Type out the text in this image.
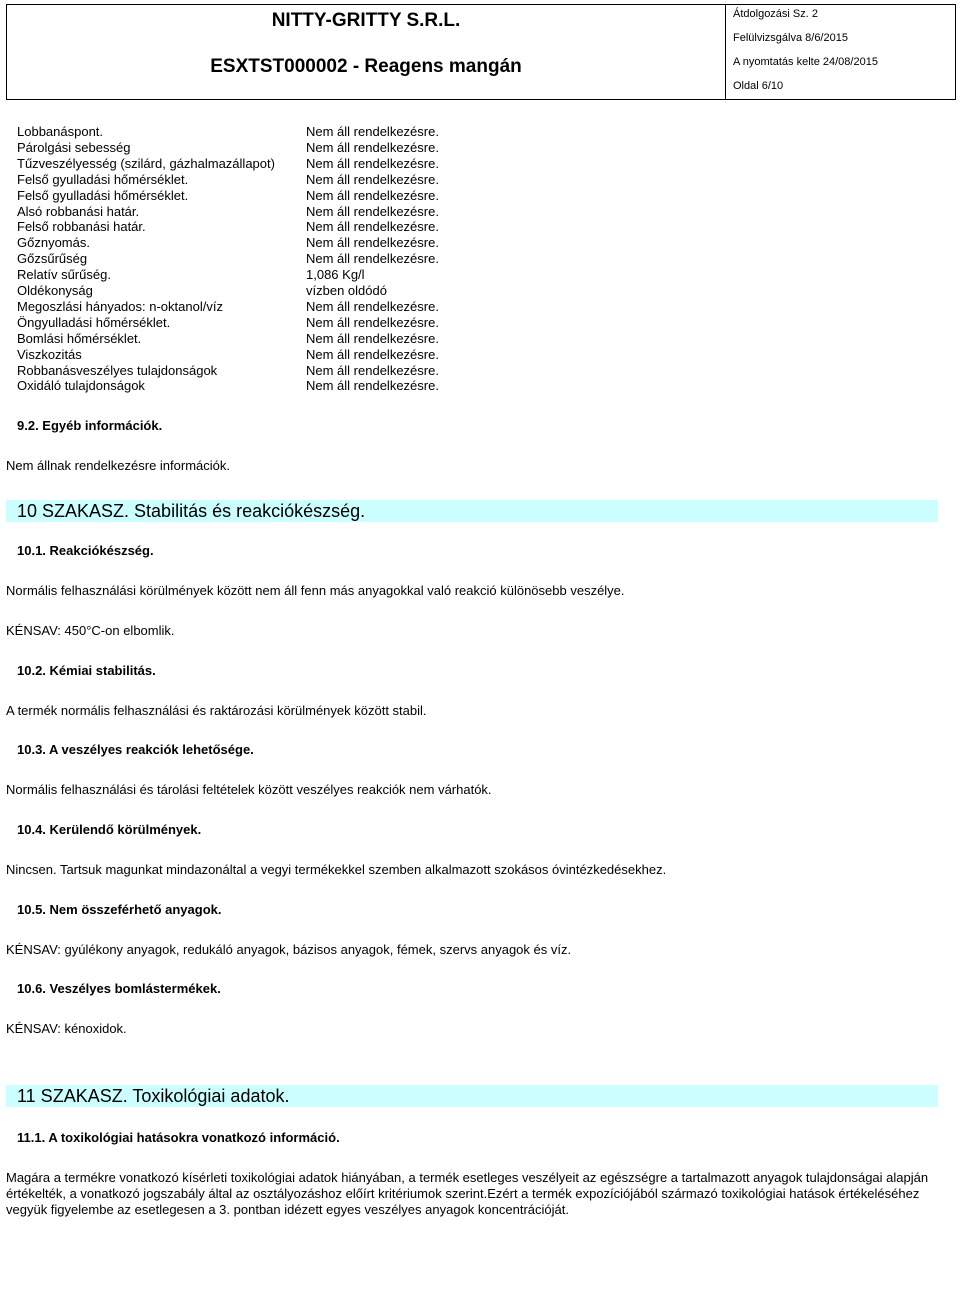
NITTY-GRITTY S.R.L.
ESXTST000002 - Reagens mangán
Átdolgozási Sz. 2
Felülvizsgálva 8/6/2015
A nyomtatás kelte 24/08/2015
Oldal 6/10
Lobbanáspont.	Nem áll rendelkezésre.
Párolgási sebesség	Nem áll rendelkezésre.
Tűzveszélyesség (szilárd, gázhalmazállapot) Nem áll rendelkezésre.
Felső gyulladási hőmérséklet.	Nem áll rendelkezésre.
Felső gyulladási hőmérséklet.	Nem áll rendelkezésre.
Alsó robbanási határ.	Nem áll rendelkezésre.
Felső robbanási határ.	Nem áll rendelkezésre.
Gőznyomás.	Nem áll rendelkezésre.
Gőzsűrűség	Nem áll rendelkezésre.
Relatív sűrűség.	1,086 Kg/l
Oldékonyság	vízben oldódó
Megoszlási hányados: n-oktanol/víz	Nem áll rendelkezésre.
Öngyulladási hőmérséklet.	Nem áll rendelkezésre.
Bomlási hőmérséklet.	Nem áll rendelkezésre.
Viszkozitás	Nem áll rendelkezésre.
Robbanásveszélyes tulajdonságok	Nem áll rendelkezésre.
Oxidáló tulajdonságok	Nem áll rendelkezésre.
9.2. Egyéb információk.
Nem állnak rendelkezésre információk.
10 SZAKASZ. Stabilitás és reakciókészség.
10.1. Reakciókészség.
Normális felhasználási körülmények között nem áll fenn más anyagokkal való reakció különösebb veszélye.
KÉNSAV: 450°C-on elbomlik.
10.2. Kémiai stabilitás.
A termék normális felhasználási és raktározási körülmények között stabil.
10.3. A veszélyes reakciók lehetősége.
Normális felhasználási és tárolási feltételek között veszélyes reakciók nem várhatók.
10.4. Kerülendő körülmények.
Nincsen. Tartsuk magunkat mindazonáltal a vegyi termékekkel szemben alkalmazott szokásos óvintézkedésekhez.
10.5. Nem összeférhető anyagok.
KÉNSAV: gyúlékony anyagok, redukáló anyagok, bázisos anyagok, fémek, szervs anyagok és víz.
10.6. Veszélyes bomlástermékek.
KÉNSAV: kénoxidok.
11 SZAKASZ. Toxikológiai adatok.
11.1. A toxikológiai hatásokra vonatkozó információ.
Magára a termékre vonatkozó kísérleti toxikológiai adatok hiányában, a termék esetleges veszélyeit az egészségre a tartalmazott anyagok tulajdonságai alapján értékelték, a vonatkozó jogszabály által az osztályozáshoz előírt kritériumok szerint.Ezért a termék expozíciójából származó toxikológiai hatások értékeléséhez vegyük figyelembe az esetlegesen a 3. pontban idézett egyes veszélyes anyagok koncentrációját.
